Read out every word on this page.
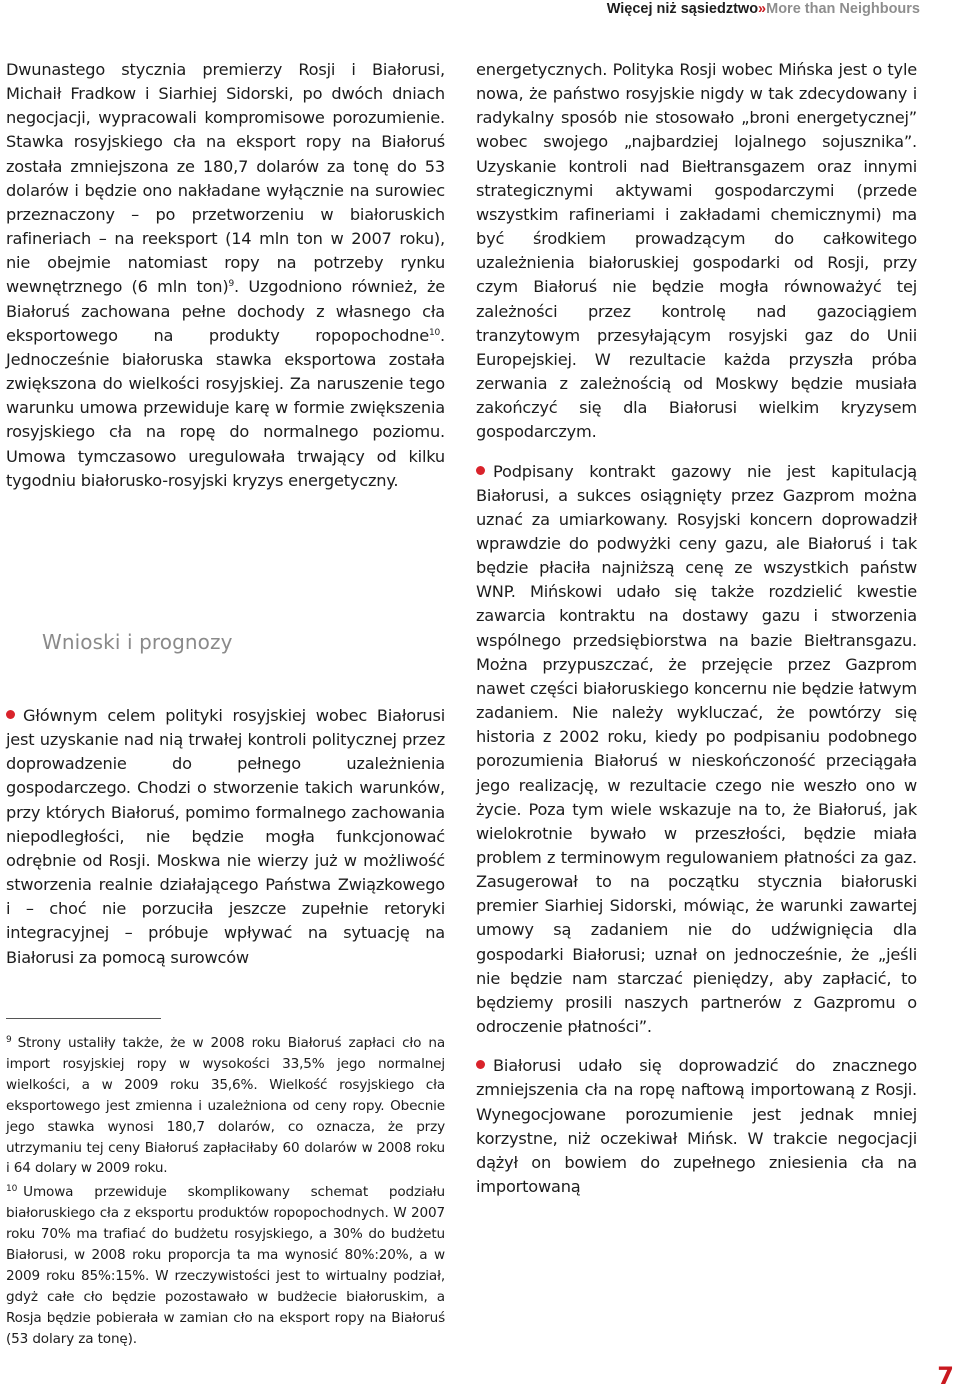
Więcej niż sąsiedztwo»More than Neighbours

Dwunastego stycznia premierzy Rosji i Białorusi, Michaił Fradkow i Siarhiej Sidorski, po dwóch dniach negocjacji, wypracowali kompromisowe porozumienie. Stawka rosyjskiego cła na eksport ropy na Białoruś została zmniejszona ze 180,7 dolarów za tonę do 53 dolarów i będzie ono nakładane wyłącznie na surowiec przeznaczony – po przetworzeniu w białoruskich rafineriach – na reeksport (14 mln ton w 2007 roku), nie obejmie natomiast ropy na potrzeby rynku wewnętrznego (6 mln ton)$^9$. Uzgodniono również, że Białoruś zachowana pełne dochody z własnego cła eksportowego na produkty ropopochodne$^{10}$. Jednocześnie białoruska stawka eksportowa została zwiększona do wielkości rosyjskiej. Za naruszenie tego warunku umowa przewiduje karę w formie zwiększenia rosyjskiego cła na ropę do normalnego poziomu. Umowa tymczasowo uregulowała trwający od kilku tygodniu białorusko-rosyjski kryzys energetyczny.

Wnioski i prognozy

Głównym celem polityki rosyjskiej wobec Białorusi jest uzyskanie nad nią trwałej kontroli politycznej przez doprowadzenie do pełnego uzależnienia gospodarczego. Chodzi o stworzenie takich warunków, przy których Białoruś, pomimo formalnego zachowania niepodległości, nie będzie mogła funkcjonować odrębnie od Rosji. Moskwa nie wierzy już w możliwość stworzenia realnie działającego Państwa Związkowego i – choć nie porzuciła jeszcze zupełnie retoryki integracyjnej – próbuje wpływać na sytuację na Białorusi za pomocą surowców

$^9$ Strony ustaliły także, że w 2008 roku Białoruś zapłaci cło na import rosyjskiej ropy w wysokości 33,5% jego normalnej wielkości, a w 2009 roku 35,6%. Wielkość rosyjskiego cła eksportowego jest zmienna i uzależniona od ceny ropy. Obecnie jego stawka wynosi 180,7 dolarów, co oznacza, że przy utrzymaniu tej ceny Białoruś zapłaciłaby 60 dolarów w 2008 roku i 64 dolary w 2009 roku.

$^{10}$ Umowa przewiduje skomplikowany schemat podziału białoruskiego cła z eksportu produktów ropopochodnych. W 2007 roku 70% ma trafiać do budżetu rosyjskiego, a 30% do budżetu Białorusi, w 2008 roku proporcja ta ma wynosić 80%:20%, a w 2009 roku 85%:15%. W rzeczywistości jest to wirtualny podział, gdyż całe cło będzie pozostawało w budżecie białoruskim, a Rosja będzie pobierała w zamian cło na eksport ropy na Białoruś (53 dolary za tonę).

energetycznych. Polityka Rosji wobec Mińska jest o tyle nowa, że państwo rosyjskie nigdy w tak zdecydowany i radykalny sposób nie stosowało „broni energetycznej” wobec swojego „najbardziej lojalnego sojusznika”. Uzyskanie kontroli nad Biełtransgazem oraz innymi strategicznymi aktywami gospodarczymi (przede wszystkim rafineriami i zakładami chemicznymi) ma być środkiem prowadzącym do całkowitego uzależnienia białoruskiej gospodarki od Rosji, przy czym Białoruś nie będzie mogła równoważyć tej zależności przez kontrolę nad gazociągiem tranzytowym przesyłającym rosyjski gaz do Unii Europejskiej. W rezultacie każda przyszła próba zerwania z zależnością od Moskwy będzie musiała zakończyć się dla Białorusi wielkim kryzysem gospodarczym.

Podpisany kontrakt gazowy nie jest kapitulacją Białorusi, a sukces osiągnięty przez Gazprom można uznać za umiarkowany. Rosyjski koncern doprowadził wprawdzie do podwyżki ceny gazu, ale Białoruś i tak będzie płaciła najniższą cenę ze wszystkich państw WNP. Mińskowi udało się także rozdzielić kwestie zawarcia kontraktu na dostawy gazu i stworzenia wspólnego przedsiębiorstwa na bazie Biełtransgazu. Można przypuszczać, że przejęcie przez Gazprom nawet części białoruskiego koncernu nie będzie łatwym zadaniem. Nie należy wykluczać, że powtórzy się historia z 2002 roku, kiedy po podpisaniu podobnego porozumienia Białoruś w nieskończoność przeciągała jego realizację, w rezultacie czego nie weszło ono w życie. Poza tym wiele wskazuje na to, że Białoruś, jak wielokrotnie bywało w przeszłości, będzie miała problem z terminowym regulowaniem płatności za gaz. Zasugerował to na początku stycznia białoruski premier Siarhiej Sidorski, mówiąc, że warunki zawartej umowy są zadaniem nie do udźwignięcia dla gospodarki Białorusi; uznał on jednocześnie, że „jeśli nie będzie nam starczać pieniędzy, aby zapłacić, to będziemy prosili naszych partnerów z Gazpromu o odroczenie płatności”.

Białorusi udało się doprowadzić do znacznego zmniejszenia cła na ropę naftową importowaną z Rosji. Wynegocjowane porozumienie jest jednak mniej korzystne, niż oczekiwał Mińsk. W trakcie negocjacji dążył on bowiem do zupełnego zniesienia cła na importowaną

7
